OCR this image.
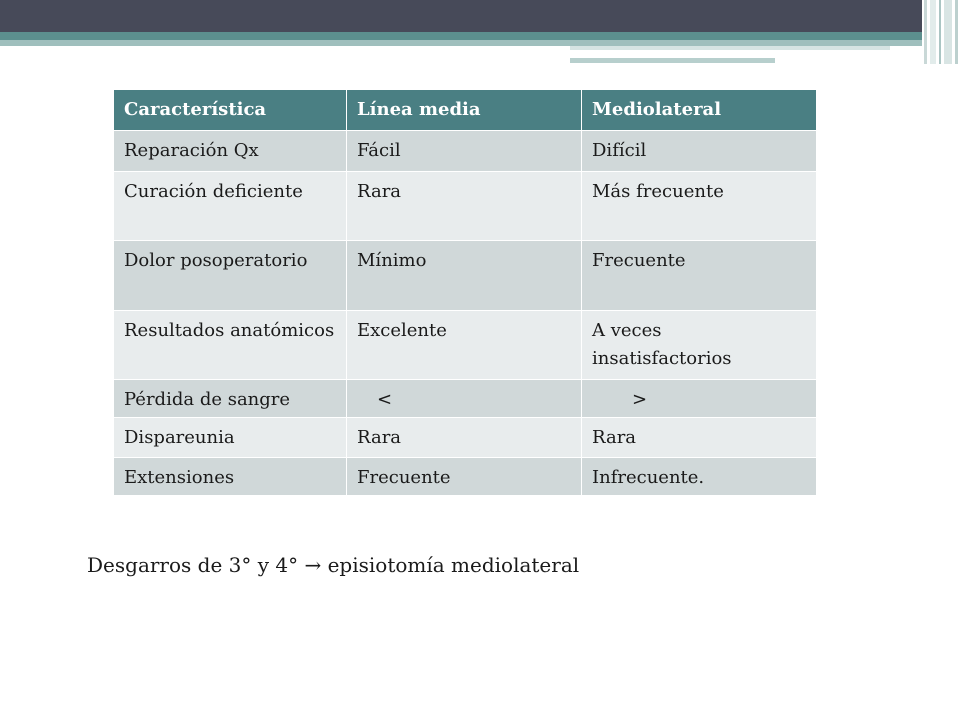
Característica	Línea media	Mediolateral
Reparación Qx	Fácil	Difícil
Curación deficiente	Rara	Más frecuente
Dolor posoperatorio	Mínimo	Frecuente
Resultados anatómicos	Excelente	A veces insatisfactorios
Pérdida de sangre	<	>
Dispareunia	Rara	Rara
Extensiones	Frecuente	Infrecuente.
Desgarros de 3° y 4° → episiotomía mediolateral
